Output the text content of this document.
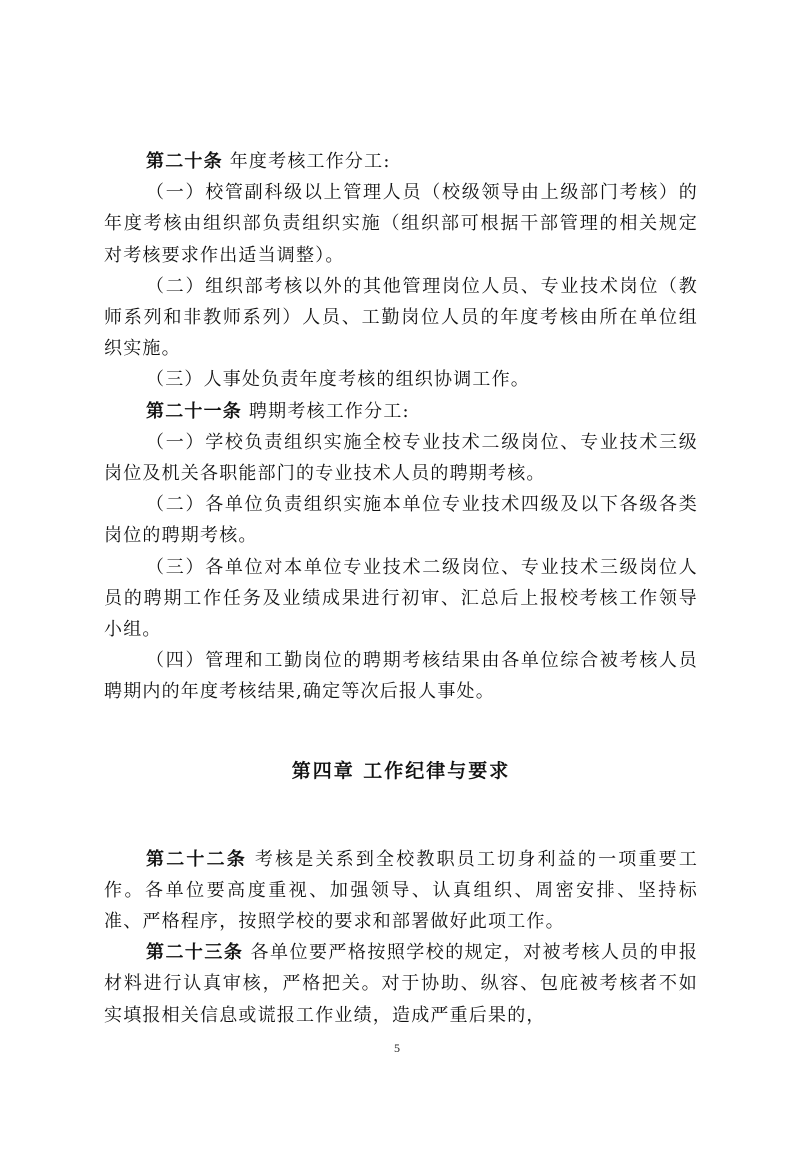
第二十条 年度考核工作分工:

（一）校管副科级以上管理人员（校级领导由上级部门考核）的年度考核由组织部负责组织实施（组织部可根据干部管理的相关规定对考核要求作出适当调整）。

（二）组织部考核以外的其他管理岗位人员、专业技术岗位（教师系列和非教师系列）人员、工勤岗位人员的年度考核由所在单位组织实施。

（三）人事处负责年度考核的组织协调工作。

第二十一条 聘期考核工作分工:

（一）学校负责组织实施全校专业技术二级岗位、专业技术三级岗位及机关各职能部门的专业技术人员的聘期考核。

（二）各单位负责组织实施本单位专业技术四级及以下各级各类岗位的聘期考核。

（三）各单位对本单位专业技术二级岗位、专业技术三级岗位人员的聘期工作任务及业绩成果进行初审、汇总后上报校考核工作领导小组。

（四）管理和工勤岗位的聘期考核结果由各单位综合被考核人员聘期内的年度考核结果,确定等次后报人事处。

第四章 工作纪律与要求

第二十二条 考核是关系到全校教职员工切身利益的一项重要工作。各单位要高度重视、加强领导、认真组织、周密安排、坚持标准、严格程序，按照学校的要求和部署做好此项工作。

第二十三条 各单位要严格按照学校的规定，对被考核人员的申报材料进行认真审核，严格把关。对于协助、纵容、包庇被考核者不如实填报相关信息或谎报工作业绩，造成严重后果的，

5
